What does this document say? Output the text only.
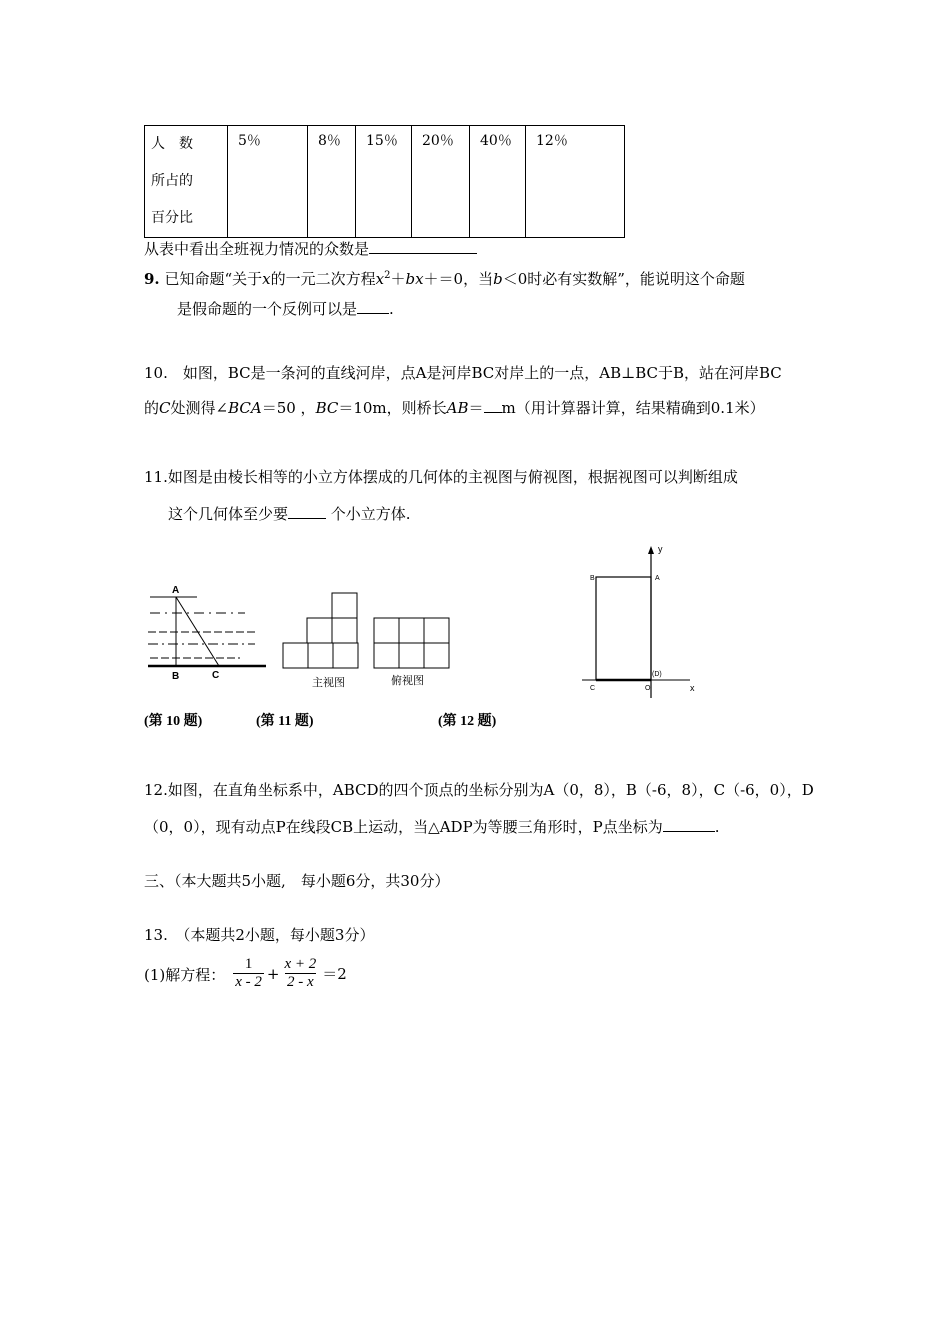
人　数
所占的
百分比
	5％	8％	15％	20％	40％	12％
从表中看出全班视力情况的众数是
9. 已知命题“关于x的一元二次方程$x^2+bx+=0$，当b＜0时必有实数解”，能说明这个命题
是假命题的一个反例可以是 .
10.　如图，BC是一条河的直线河岸，点A是河岸BC对岸上的一点，AB⊥BC于B，站在河岸BC
的C处测得∠BCA＝50 ，BC＝10m，则桥长AB＝ m（用计算器计算，结果精确到0.1米）
11.如图是由棱长相等的小立方体摆成的几何体的主视图与俯视图，根据视图可以判断组成
这个几何体至少要	个小立方体.
A
B	C
主视图	俯视图
y
x
B	A
C	O
(D)
(第 10 题)	(第 11 题)	(第 12 题)
12.如图，在直角坐标系中，ABCD的四个顶点的坐标分别为A（0，8），B（-6，8），C（-6，0），D
（0，0），现有动点P在线段CB上运动，当△ADP为等腰三角形时，P点坐标为	.
三、（本大题共5小题,　每小题6分，共30分）
13.　（本题共2小题，每小题3分）
(1)解方程： $\frac{1}{x - 2} + \frac{x + 2}{2 - x} =2$
